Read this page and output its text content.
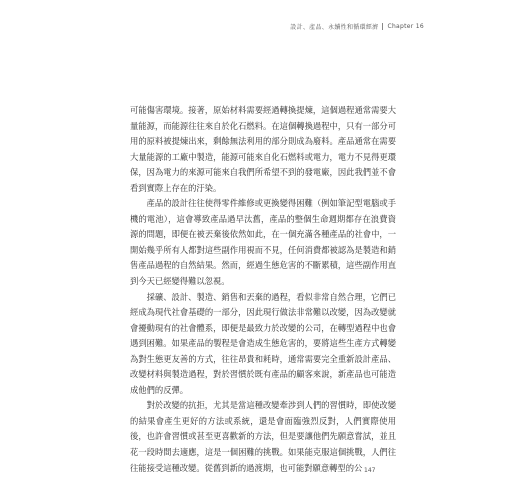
設計、產品、永續性和循環經濟 Chapter 16

可能傷害環境。接著，原始材料需要經過轉換提煉，這個過程通常需要大量能源，而能源往往來自於化石燃料。在這個轉換過程中，只有一部分可用的原料被提煉出來，剩餘無法利用的部分則成為廢料。產品通常在需要大量能源的工廠中製造，能源可能來自化石燃料或電力，電力不見得更環保，因為電力的來源可能來自我們所希望不到的發電廠，因此我們並不會看到實際上存在的汙染。

產品的設計往往使得零件維修或更換變得困難（例如筆記型電腦或手機的電池），這會導致產品過早汰舊，產品的整個生命週期都存在浪費資源的問題，即便在被丟棄後依然如此，在一個充滿各種產品的社會中，一開始幾乎所有人都對這些副作用視而不見，任何消費都被認為是製造和銷售產品過程的自然結果。然而，經過生態危害的不斷累積，這些副作用直到今天已經變得難以忽視。

採礦、設計、製造、銷售和丟棄的過程，看似非常自然合理，它們已經成為現代社會基礎的一部分，因此現行做法非常難以改變，因為改變就會擾動現有的社會體系，即便是最致力於改變的公司，在轉型過程中也會遇到困難。如果產品的製程是會造成生態危害的，要將這些生產方式轉變為對生態更友善的方式，往往昂貴和耗時，通常需要完全重新設計產品、改變材料與製造過程，對於習慣於既有產品的顧客來說，新產品也可能造成他們的反彈。

對於改變的抗拒，尤其是當這種改變牽涉到人們的習慣時，即使改變的結果會產生更好的方法或系統，還是會面臨強烈反對，人們實際使用後，也許會習慣或甚至更喜歡新的方法，但是要讓他們先願意嘗試，並且花一段時間去適應，這是一個困難的挑戰。如果能克服這個挑戰，人們往往能接受這種改變。從舊到新的過渡期，也可能對願意轉型的公 147
